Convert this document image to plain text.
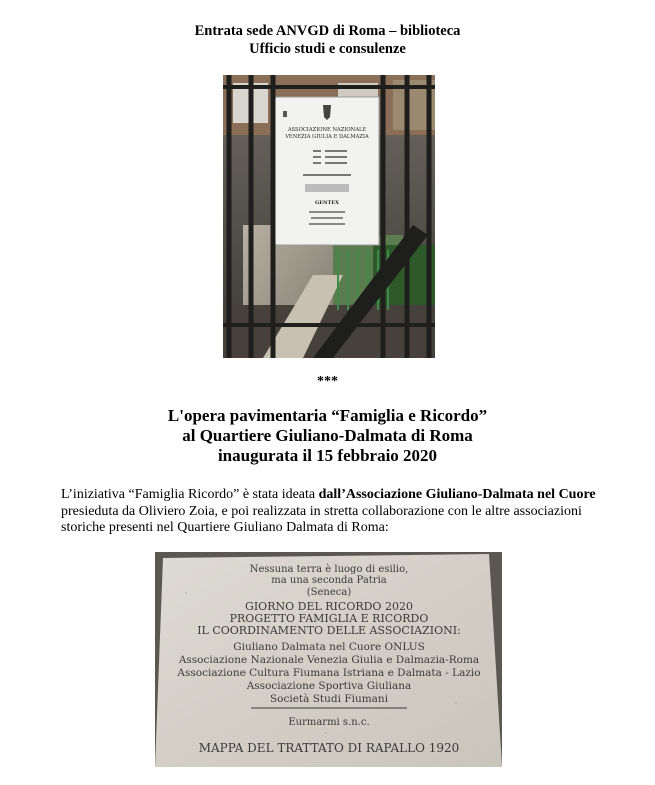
Entrata sede ANVGD di Roma – biblioteca
Ufficio studi e consulenze
ASSOCIAZIONE NAZIONALE
VENEZIA GIULIA E DALMAZIA
GENTEX
***
L'opera pavimentaria “Famiglia e Ricordo”
al Quartiere Giuliano-Dalmata di Roma
inaugurata il 15 febbraio 2020
L’iniziativa “Famiglia Ricordo” è stata ideata dall’Associazione Giuliano-Dalmata nel Cuore presieduta da Oliviero Zoia, e poi realizzata in stretta collaborazione con le altre associazioni storiche presenti nel Quartiere Giuliano Dalmata di Roma:
Nessuna terra è luogo di esilio,
ma una seconda Patria
(Seneca)
GIORNO DEL RICORDO 2020
PROGETTO FAMIGLIA E RICORDO
IL COORDINAMENTO DELLE ASSOCIAZIONI:
Giuliano Dalmata nel Cuore ONLUS
Associazione Nazionale Venezia Giulia e Dalmazia-Roma
Associazione Cultura Fiumana Istriana e Dalmata - Lazio
Associazione Sportiva Giuliana
Società Studi Fiumani
Eurmarmi s.n.c.
MAPPA DEL TRATTATO DI RAPALLO 1920
